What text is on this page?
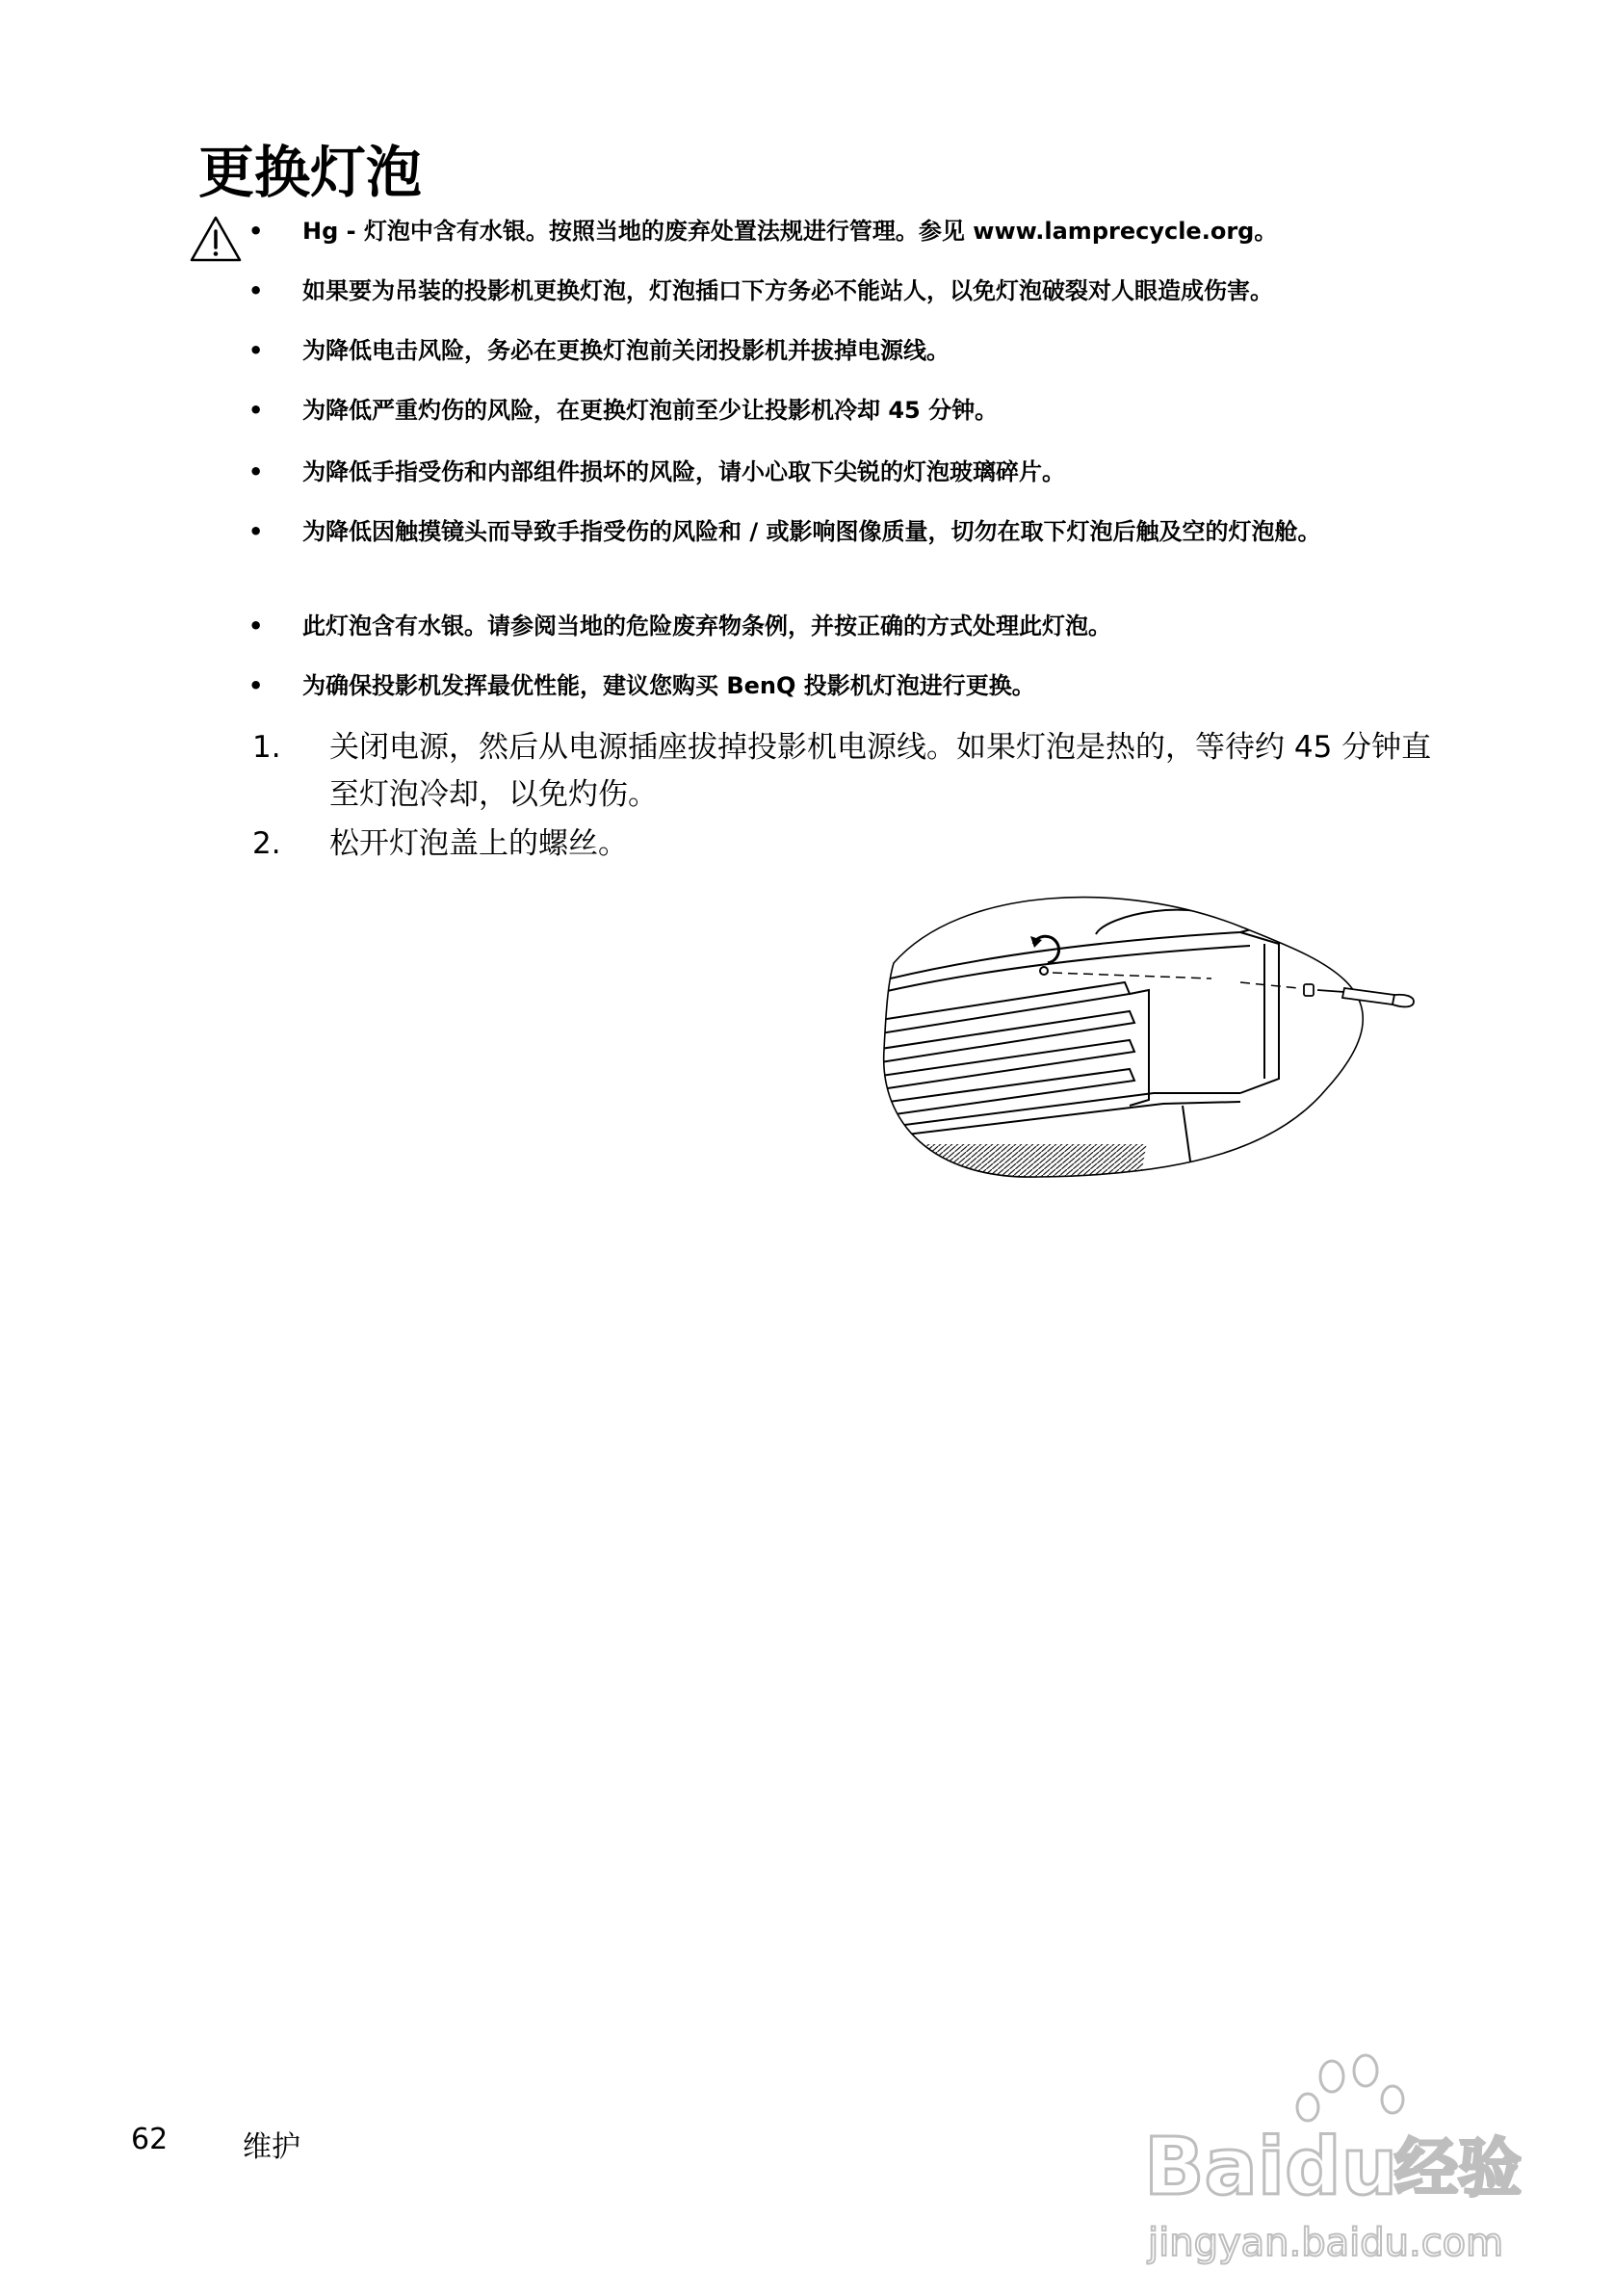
更换灯泡
• Hg - 灯泡中含有水银。按照当地的废弃处置法规进行管理。参见 www.lamprecycle.org。
• 如果要为吊装的投影机更换灯泡，灯泡插口下方务必不能站人，以免灯泡破裂对人眼造成伤害。
• 为降低电击风险，务必在更换灯泡前关闭投影机并拔掉电源线。
• 为降低严重灼伤的风险，在更换灯泡前至少让投影机冷却 45 分钟。
• 为降低手指受伤和内部组件损坏的风险，请小心取下尖锐的灯泡玻璃碎片。
• 为降低因触摸镜头而导致手指受伤的风险和 / 或影响图像质量，切勿在取下灯泡后触及空的灯泡舱。
• 此灯泡含有水银。请参阅当地的危险废弃物条例，并按正确的方式处理此灯泡。
• 为确保投影机发挥最优性能，建议您购买 BenQ 投影机灯泡进行更换。
1. 关闭电源，然后从电源插座拔掉投影机电源线。如果灯泡是热的，等待约 45 分钟直至灯泡冷却，以免灼伤。
2. 松开灯泡盖上的螺丝。
62	维护	Bai du
经验
jingyan.baidu.com
